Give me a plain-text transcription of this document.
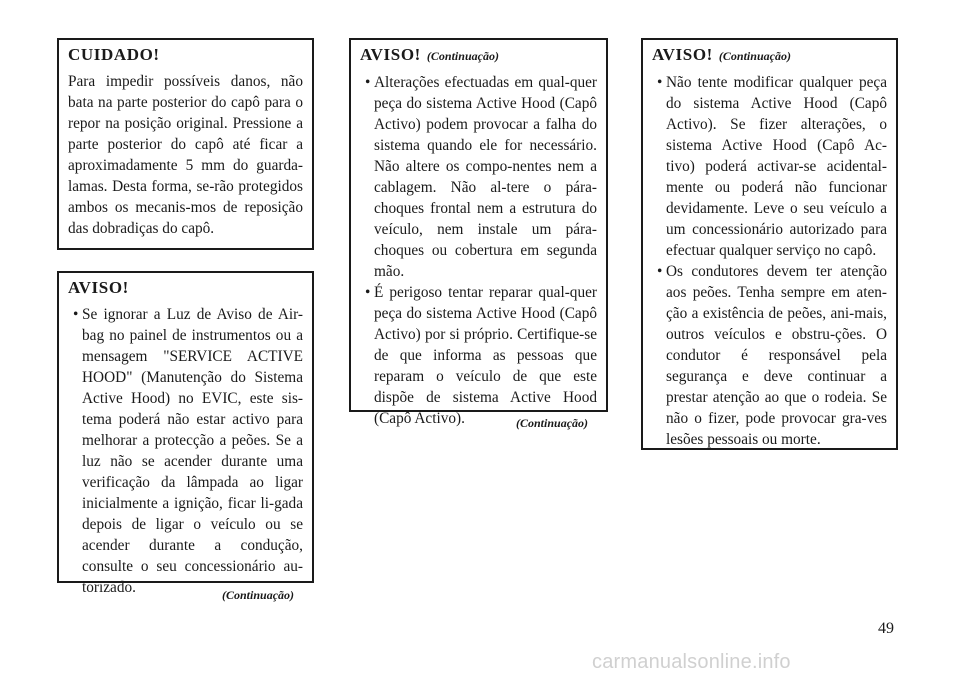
CUIDADO!

Para impedir possíveis danos, não bata na parte posterior do capô para o repor na posição original. Pressione a parte posterior do capô até ficar a aproximadamente 5 mm do guarda-lamas. Desta forma, se-rão protegidos ambos os mecanis-mos de reposição das dobradiças do capô.

AVISO!
• Se ignorar a Luz de Aviso de Air-bag no painel de instrumentos ou a mensagem "SERVICE ACTIVE HOOD" (Manutenção do Sistema Active Hood) no EVIC, este sis-tema poderá não estar activo para melhorar a protecção a peões. Se a luz não se acender durante uma verificação da lâmpada ao ligar inicialmente a ignição, ficar li-gada depois de ligar o veículo ou se acender durante a condução, consulte o seu concessionário au-torizado.	(Continuação)
AVISO! (Continuação)
• Alterações efectuadas em qual-quer peça do sistema Active Hood (Capô Activo) podem provocar a falha do sistema quando ele for necessário. Não altere os compo-nentes nem a cablagem. Não al-tere o pára-choques frontal nem a estrutura do veículo, nem instale um pára-choques ou cobertura em segunda mão.
• É perigoso tentar reparar qual-quer peça do sistema Active Hood (Capô Activo) por si próprio. Certifique-se de que informa as pessoas que reparam o veículo de que este dispõe de sistema Active Hood (Capô Activo).	(Continuação)
AVISO! (Continuação)
• Não tente modificar qualquer peça do sistema Active Hood (Capô Activo). Se fizer alterações, o sistema Active Hood (Capô Ac-tivo) poderá activar-se acidental-mente ou poderá não funcionar devidamente. Leve o seu veículo a um concessionário autorizado para efectuar qualquer serviço no capô.
• Os condutores devem ter atenção aos peões. Tenha sempre em aten-ção a existência de peões, ani-mais, outros veículos e obstru-ções. O condutor é responsável pela segurança e deve continuar a prestar atenção ao que o rodeia. Se não o fizer, pode provocar gra-ves lesões pessoais ou morte.
49
carmanualsonline.info
